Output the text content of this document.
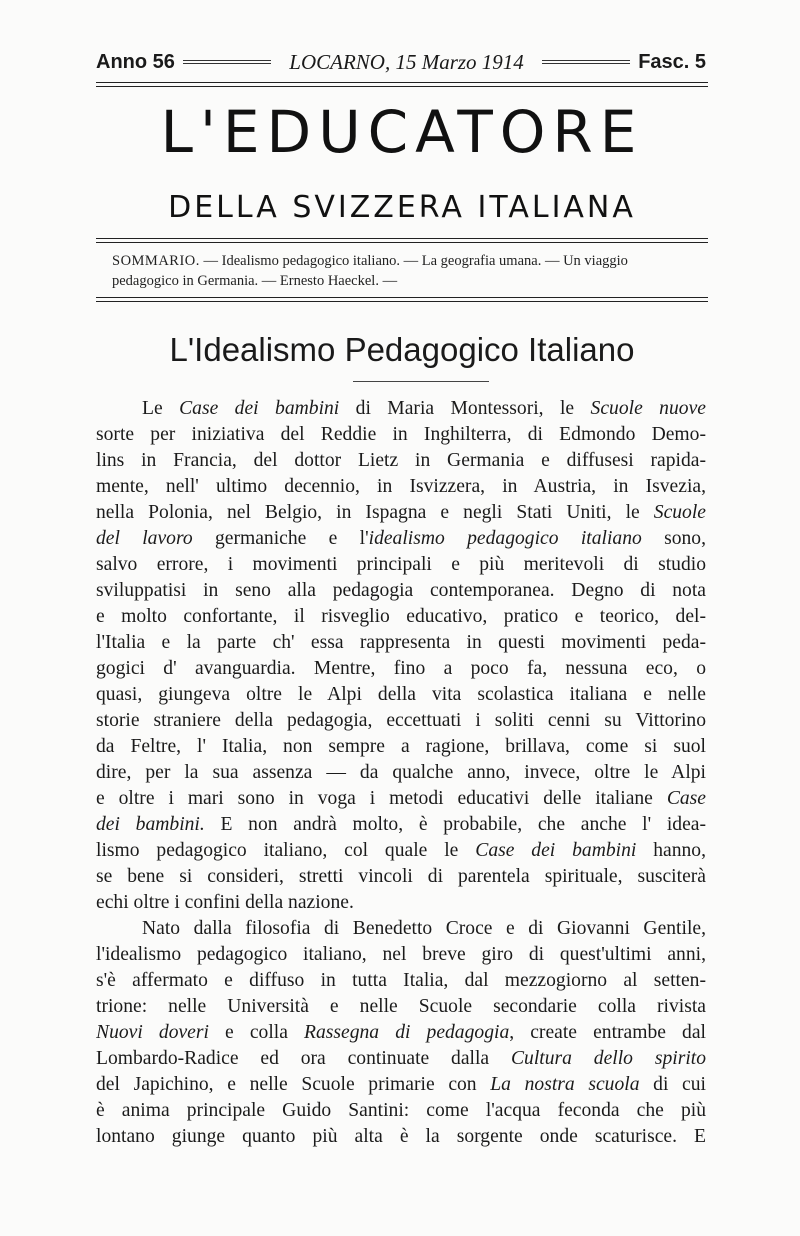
Anno 56	LOCARNO, 15 Marzo 1914	Fasc. 5
L'EDUCATORE
DELLA SVIZZERA ITALIANA
SOMMARIO. — Idealismo pedagogico italiano. — La geografia umana. — Un viaggio
pedagogico in Germania. — Ernesto Haeckel. —
L'Idealismo Pedagogico Italiano
Le Case dei bambini di Maria Montessori, le Scuole nuove
sorte per iniziativa del Reddie in Inghilterra, di Edmondo Demo-
lins in Francia, del dottor Lietz in Germania e diffusesi rapida-
mente, nell' ultimo decennio, in Isvizzera, in Austria, in Isvezia,
nella Polonia, nel Belgio, in Ispagna e negli Stati Uniti, le Scuole
del lavoro germaniche e l'idealismo pedagogico italiano sono,
salvo errore, i movimenti principali e più meritevoli di studio
sviluppatisi in seno alla pedagogia contemporanea. Degno di nota
e molto confortante, il risveglio educativo, pratico e teorico, del-
l'Italia e la parte ch' essa rappresenta in questi movimenti peda-
gogici d' avanguardia. Mentre, fino a poco fa, nessuna eco, o
quasi, giungeva oltre le Alpi della vita scolastica italiana e nelle
storie straniere della pedagogia, eccettuati i soliti cenni su Vittorino
da Feltre, l' Italia, non sempre a ragione, brillava, come si suol
dire, per la sua assenza — da qualche anno, invece, oltre le Alpi
e oltre i mari sono in voga i metodi educativi delle italiane Case
dei bambini. E non andrà molto, è probabile, che anche l' idea-
lismo pedagogico italiano, col quale le Case dei bambini hanno,
se bene si consideri, stretti vincoli di parentela spirituale, susciterà
echi oltre i confini della nazione.
Nato dalla filosofia di Benedetto Croce e di Giovanni Gentile,
l'idealismo pedagogico italiano, nel breve giro di quest'ultimi anni,
s'è affermato e diffuso in tutta Italia, dal mezzogiorno al setten-
trione: nelle Università e nelle Scuole secondarie colla rivista
Nuovi doveri e colla Rassegna di pedagogia, create entrambe dal
Lombardo-Radice ed ora continuate dalla Cultura dello spirito
del Japichino, e nelle Scuole primarie con La nostra scuola di cui
è anima principale Guido Santini: come l'acqua feconda che più
lontano giunge quanto più alta è la sorgente onde scaturisce. E
